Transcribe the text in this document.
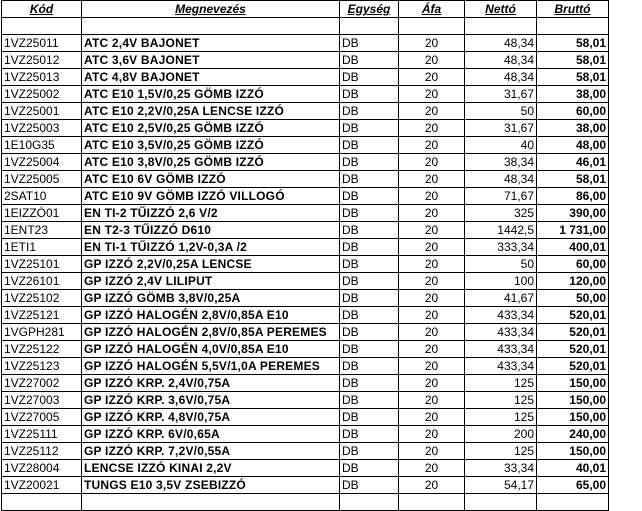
Kód	Megnevezés	Egység	Áfa	Nettó	Bruttó

1VZ25011	ATC 2,4V BAJONET	DB	20	48,34	58,01
1VZ25012	ATC 3,6V BAJONET	DB	20	48,34	58,01
1VZ25013	ATC 4,8V BAJONET	DB	20	48,34	58,01
1VZ25002	ATC E10 1,5V/0,25 GÖMB IZZÓ	DB	20	31,67	38,00
1VZ25001	ATC E10 2,2V/0,25A LENCSE IZZÓ	DB	20	50	60,00
1VZ25003	ATC E10 2,5V/0,25 GÖMB IZZÓ	DB	20	31,67	38,00
1E10G35	ATC E10 3,5V/0,25 GÖMB IZZÓ	DB	20	40	48,00
1VZ25004	ATC E10 3,8V/0,25 GÖMB IZZÓ	DB	20	38,34	46,01
1VZ25005	ATC E10 6V GÖMB IZZÓ	DB	20	48,34	58,01
2SAT10	ATC E10 9V GÖMB IZZÓ VILLOGÓ	DB	20	71,67	86,00
1EIZZÓ01	EN TI-2 TŰIZZÓ 2,6 V/2	DB	20	325	390,00
1ENT23	EN T2-3 TŰIZZÓ D610	DB	20	1442,5	1 731,00
1ETI1	EN TI-1 TŰIZZÓ 1,2V-0,3A /2	DB	20	333,34	400,01
1VZ25101	GP IZZÓ 2,2V/0,25A LENCSE	DB	20	50	60,00
1VZ26101	GP IZZÓ 2,4V LILIPUT	DB	20	100	120,00
1VZ25102	GP IZZÓ GÖMB 3,8V/0,25A	DB	20	41,67	50,00
1VZ25121	GP IZZÓ HALOGÉN 2,8V/0,85A E10	DB	20	433,34	520,01
1VGPH281	GP IZZÓ HALOGÉN 2,8V/0,85A PEREMES	DB	20	433,34	520,01
1VZ25122	GP IZZÓ HALOGÉN 4,0V/0,85A E10	DB	20	433,34	520,01
1VZ25123	GP IZZÓ HALOGÉN 5,5V/1,0A PEREMES	DB	20	433,34	520,01
1VZ27002	GP IZZÓ KRP. 2,4V/0,75A	DB	20	125	150,00
1VZ27003	GP IZZÓ KRP. 3,6V/0,75A	DB	20	125	150,00
1VZ27005	GP IZZÓ KRP. 4,8V/0,75A	DB	20	125	150,00
1VZ25111	GP IZZÓ KRP. 6V/0,65A	DB	20	200	240,00
1VZ25112	GP IZZÓ KRP. 7,2V/0,55A	DB	20	125	150,00
1VZ28004	LENCSE IZZÓ KINAI 2,2V	DB	20	33,34	40,01
1VZ20021	TUNGS E10 3,5V ZSEBIZZÓ	DB	20	54,17	65,00
